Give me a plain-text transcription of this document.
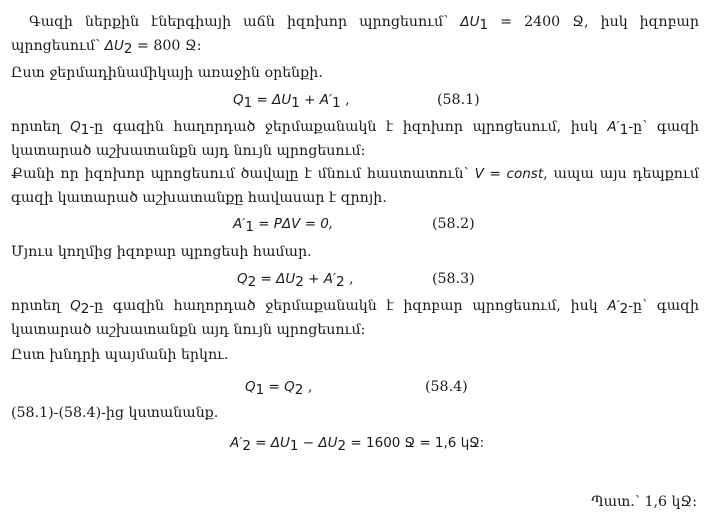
Գազի ներքին էներգիայի աճն իզոխոր պրոցեսում՝ $\Delta U_1 = 2400$ Ջ, իսկ իզոբար պրոցեսում՝ $\Delta U_2 = 800$ Ջ:
Ըստ ջերմադինամիկայի առաջին օրենքի.
$Q_1 = \Delta U_1 + A'_1$ ,	(58.1)
որտեղ $Q_1-ը$ գազին հաղորդած ջերմաքանակն է իզոխոր պրոցեսում, իսկ $A'_1-ը՝$ գազի կատարած աշխատանքն այդ նույն պրոցեսում:
Քանի որ իզոխոր պրոցեսում ծավալը է մնում հաստատուն՝ V = const, ապա այս դեպքում գազի կատարած աշխատանքը հավասար է զրոյի.
$A'_1 = P\Delta V = 0$,	(58.2)
Մյուս կողմից իզոբար պրոցեսի համար.
$Q_2 = \Delta U_2 + A'_2$ ,	(58.3)
որտեղ $Q_2-ը$ գազին հաղորդած ջերմաքանակն է իզոբար պրոցեսում, իսկ $A'_2-ը՝$ գազի կատարած աշխատանքն այդ նույն պրոցեսում:
Ըստ խնդրի պայմանի երկու.
$Q_1 = Q_2$ ,	(58.4)
(58.1)-(58.4)-ից կստանանք.
$A'_2 = \Delta U_1 - \Delta U_2 = 1600$ Ջ = 1,6 կՋ:
Պատ.՝ 1,6 կՋ:
